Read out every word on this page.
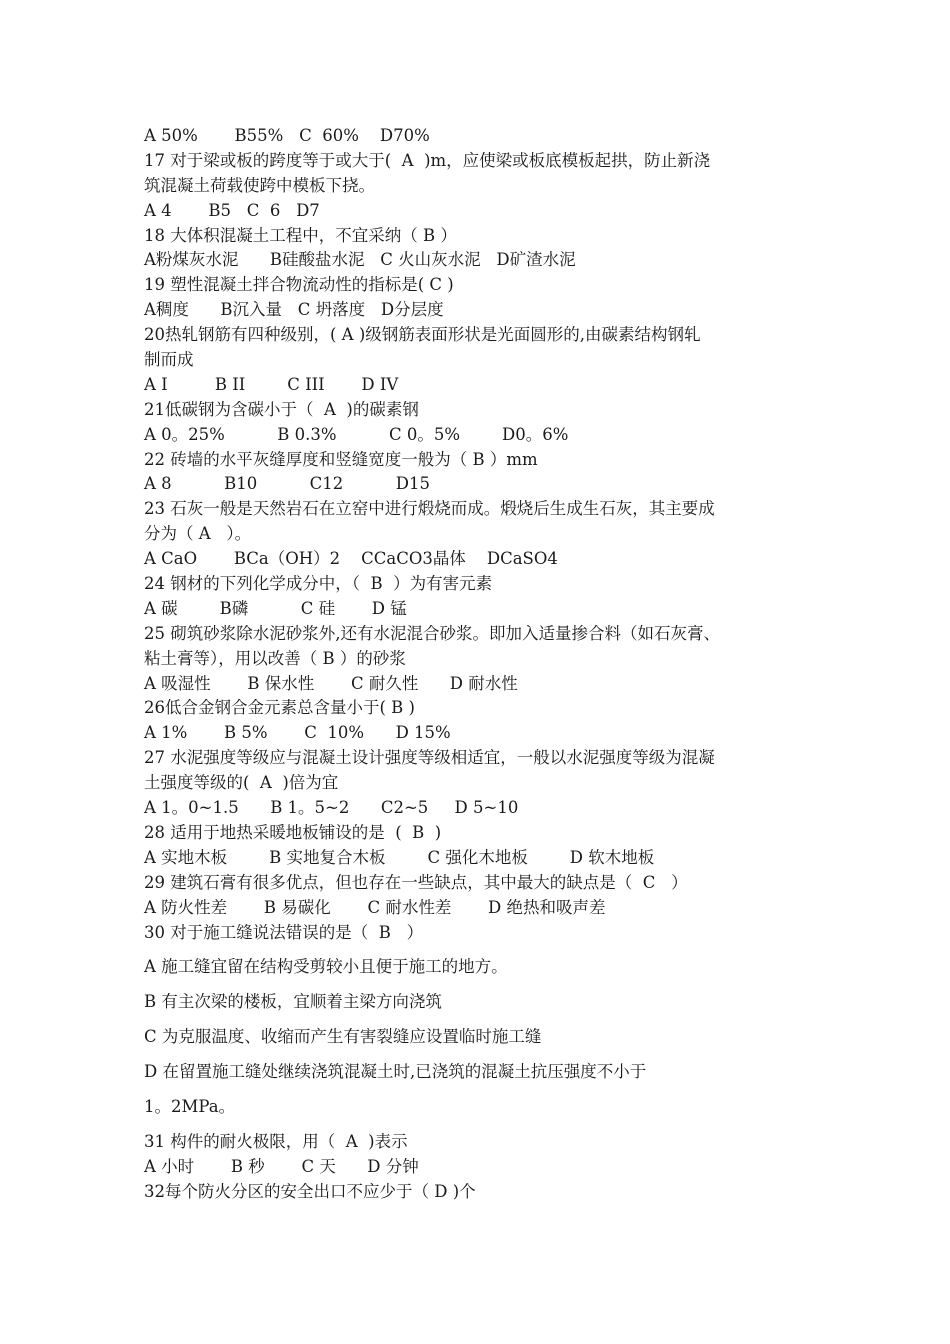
A 50%       B55%   C  60%    D70%
17 对于梁或板的跨度等于或大于(  A  )m，应使梁或板底模板起拱，防止新浇
筑混凝土荷载使跨中模板下挠。
A 4       B5   C  6   D7
18 大体积混凝土工程中，不宜采纳（ B ）
A粉煤灰水泥      B硅酸盐水泥   C 火山灰水泥   D矿渣水泥
19 塑性混凝土拌合物流动性的指标是( C )
A稠度      B沉入量   C 坍落度   D分层度
20热轧钢筋有四种级别，( A )级钢筋表面形状是光面圆形的,由碳素结构钢轧
制而成
A I         B II        C III       D IV
21低碳钢为含碳小于（  A  )的碳素钢
A 0。25%          B 0.3%          C 0。5%        D0。6%
22 砖墙的水平灰缝厚度和竖缝宽度一般为（ B ）mm
A 8          B10          C12          D15
23 石灰一般是天然岩石在立窑中进行煅烧而成。煅烧后生成生石灰，其主要成
分为（ A   ）。
A CaO       BCa（OH）2    CCaCO3晶体    DCaSO4
24 钢材的下列化学成分中，（  B  ）为有害元素
A 碳        B磷          C 硅       D 锰
25 砌筑砂浆除水泥砂浆外,还有水泥混合砂浆。即加入适量掺合料（如石灰膏、
粘土膏等），用以改善（ B ）的砂浆
A 吸湿性       B 保水性       C 耐久性      D 耐水性
26低合金钢合金元素总含量小于( B )
A 1%       B 5%       C  10%      D 15%
27 水泥强度等级应与混凝土设计强度等级相适宜，一般以水泥强度等级为混凝
土强度等级的(  A  )倍为宜
A 1。0~1.5      B 1。5~2      C2~5     D 5~10
28 适用于地热采暖地板铺设的是  (  B  )
A 实地木板        B 实地复合木板        C 强化木地板        D 软木地板
29 建筑石膏有很多优点，但也存在一些缺点，其中最大的缺点是（  C   ）
A 防火性差       B 易碳化       C 耐水性差       D 绝热和吸声差
30 对于施工缝说法错误的是（  B   ）
A 施工缝宜留在结构受剪较小且便于施工的地方。
B 有主次梁的楼板，宜顺着主梁方向浇筑
C 为克服温度、收缩而产生有害裂缝应设置临时施工缝
D 在留置施工缝处继续浇筑混凝土时,已浇筑的混凝土抗压强度不小于
1。2MPa。
31 构件的耐火极限，用（  A  )表示
A 小时       B 秒       C 天      D 分钟
32每个防火分区的安全出口不应少于（ D )个
